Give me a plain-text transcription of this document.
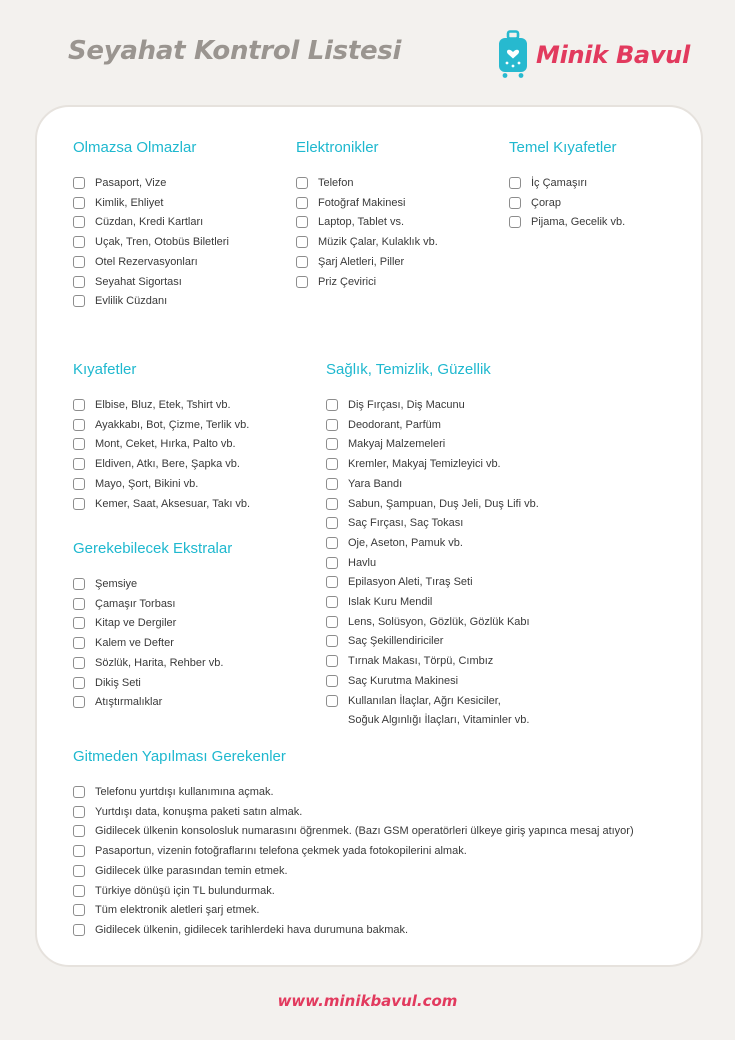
Seyahat Kontrol Listesi	Minik Bavul
Olmazsa Olmazlar
Pasaport, Vize
Kimlik, Ehliyet
Cüzdan, Kredi Kartları
Uçak, Tren, Otobüs Biletleri
Otel Rezervasyonları
Seyahat Sigortası
Evlilik Cüzdanı
Elektronikler
Telefon
Fotoğraf Makinesi
Laptop, Tablet vs.
Müzik Çalar, Kulaklık vb.
Şarj Aletleri, Piller
Priz Çevirici
Temel Kıyafetler
İç Çamaşırı
Çorap
Pijama, Gecelik vb.
Kıyafetler
Elbise, Bluz, Etek, Tshirt vb.
Ayakkabı, Bot, Çizme, Terlik vb.
Mont, Ceket, Hırka, Palto vb.
Eldiven, Atkı, Bere, Şapka vb.
Mayo, Şort, Bikini vb.
Kemer, Saat, Aksesuar, Takı vb.
Sağlık, Temizlik, Güzellik
Diş Fırçası, Diş Macunu
Deodorant, Parfüm
Makyaj Malzemeleri
Kremler, Makyaj Temizleyici vb.
Yara Bandı
Sabun, Şampuan, Duş Jeli, Duş Lifi vb.
Saç Fırçası, Saç Tokası
Oje, Aseton, Pamuk vb.
Havlu
Epilasyon Aleti, Tıraş Seti
Islak Kuru Mendil
Lens, Solüsyon, Gözlük, Gözlük Kabı
Saç Şekillendiriciler
Tırnak Makası, Törpü, Cımbız
Saç Kurutma Makinesi
Kullanılan İlaçlar, Ağrı Kesiciler,
Soğuk Algınlığı İlaçları, Vitaminler vb.
Gerekebilecek Ekstralar
Şemsiye
Çamaşır Torbası
Kitap ve Dergiler
Kalem ve Defter
Sözlük, Harita, Rehber vb.
Dikiş Seti
Atıştırmalıklar
Gitmeden Yapılması Gerekenler
Telefonu yurtdışı kullanımına açmak.
Yurtdışı data, konuşma paketi satın almak.
Gidilecek ülkenin konsolosluk numarasını öğrenmek. (Bazı GSM operatörleri ülkeye giriş yapınca mesaj atıyor)
Pasaportun, vizenin fotoğraflarını telefona çekmek yada fotokopilerini almak.
Gidilecek ülke parasından temin etmek.
Türkiye dönüşü için TL bulundurmak.
Tüm elektronik aletleri şarj etmek.
Gidilecek ülkenin, gidilecek tarihlerdeki hava durumuna bakmak.
www.minikbavul.com
